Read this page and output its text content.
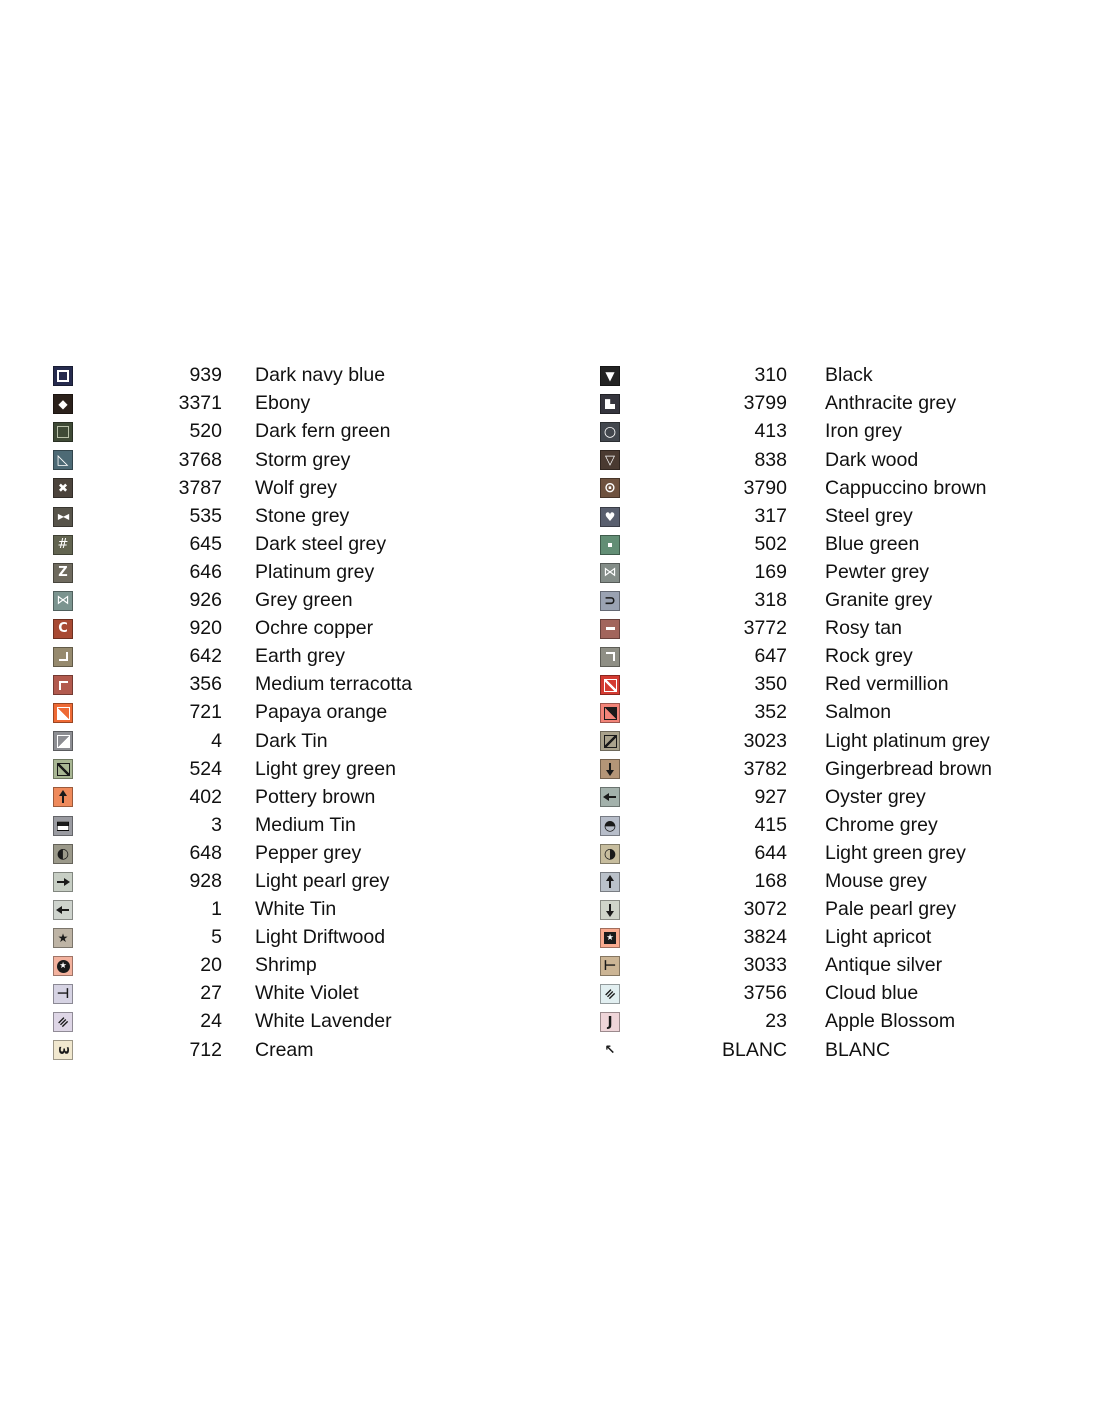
939 Dark navy blue
◆	3371 Ebony
520 Dark fern green
◺	3768 Storm grey
✖	3787 Wolf grey
▶◀	535 Stone grey
#	645 Dark steel grey
Z	646 Platinum grey
⋈	926 Grey green
C	920 Ochre copper
642 Earth grey
356 Medium terracotta
721 Papaya orange
4 Dark Tin
524 Light grey green
402 Pottery brown
3 Medium Tin
◐	648 Pepper grey
928 Light pearl grey
1 White Tin
★	5 Light Driftwood
★	20 Shrimp
⊣	27 White Violet
≡	24 White Lavender
3	712 Cream
▼	310 Black
3799 Anthracite grey
○	413 Iron grey
▽	838 Dark wood
⊙	3790 Cappuccino brown
♥	317 Steel grey
502 Blue green
⋈	169 Pewter grey
⊃	318 Granite grey
3772 Rosy tan
647 Rock grey
350 Red vermillion
352 Salmon
3023 Light platinum grey
3782 Gingerbread brown
927 Oyster grey
◓	415 Chrome grey
◑	644 Light green grey
168 Mouse grey
3072 Pale pearl grey
★	3824 Light apricot
⊢	3033 Antique silver
≡	3756 Cloud blue
J	23 Apple Blossom
↖	BLANC BLANC
